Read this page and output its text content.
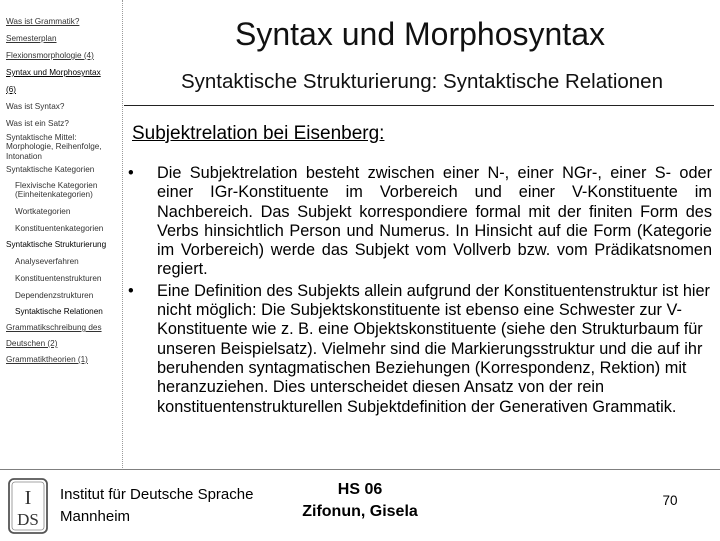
Was ist Grammatik?
Semesterplan
Flexionsmorphologie (4)
Syntax und Morphosyntax
(6)
Was ist Syntax?
Was ist ein Satz?
Syntaktische Mittel: Morphologie, Reihenfolge, Intonation
Syntaktische Kategorien
Flexivische Kategorien (Einheitenkategorien)
Wortkategorien
Konstituentenkategorien
Syntaktische Strukturierung
Analyseverfahren
Konstituentenstrukturen
Dependenzstrukturen
Syntaktische Relationen
Grammatikschreibung des
Deutschen (2)
Grammatiktheorien (1)
Syntax und Morphosyntax
Syntaktische Strukturierung: Syntaktische Relationen
Subjektrelation bei Eisenberg:
• Die Subjektrelation besteht zwischen einer N-, einer NGr-, einer S- oder einer IGr-Konstituente im Vorbereich und einer V-Konstituente im Nachbereich. Das Subjekt korrespondiere formal mit der finiten Form des Verbs hinsichtlich Person und Numerus. In Hinsicht auf die Form (Kategorie im Vorbereich) werde das Subjekt vom Vollverb bzw. vom Prädikatsnomen regiert.
• Eine Definition des Subjekts allein aufgrund der Konstituentenstruktur ist hier nicht möglich: Die Subjektskonstituente ist ebenso eine Schwester zur V-Konstituente wie z. B. eine Objektskonstituente (siehe den Strukturbaum für unseren Beispielsatz). Vielmehr sind die Markierungsstruktur und die auf ihr beruhenden syntagmatischen Beziehungen (Korrespondenz, Rektion) mit heranzuziehen. Dies unterscheidet diesen Ansatz von der rein konstituentenstrukturellen Subjektdefinition der Generativen Grammatik.
I
DS
Institut für Deutsche Sprache
Mannheim
HS 06
Zifonun, Gisela
70
